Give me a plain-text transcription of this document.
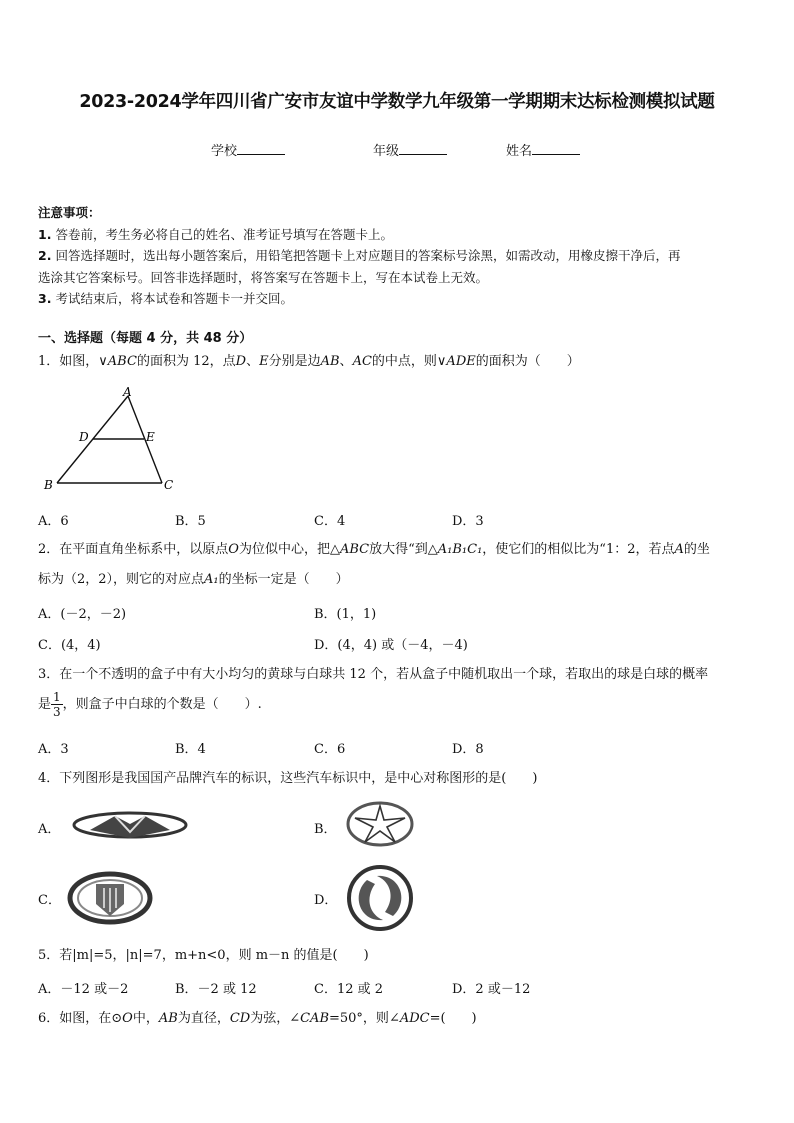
2023-2024学年四川省广安市友谊中学数学九年级第一学期期末达标检测模拟试题
学校	年级	姓名
注意事项：
1. 答卷前，考生务必将自己的姓名、准考证号填写在答题卡上。
2. 回答选择题时，选出每小题答案后，用铅笔把答题卡上对应题目的答案标号涂黑，如需改动，用橡皮擦干净后，再
选涂其它答案标号。回答非选择题时，将答案写在答题卡上，写在本试卷上无效。
3. 考试结束后，将本试卷和答题卡一并交回。
一、选择题（每题 4 分，共 48 分）
1．如图，∨ABC的面积为 12，点D、E分别是边AB、AC的中点，则∨ADE的面积为（　　）
A
D	E
B	C
A．6	B．5	C．4	D．3
2．在平面直角坐标系中，以原点O为位似中心，把△ABC放大得“到△A₁B₁C₁，使它们的相似比为“1：2，若点A的坐
标为（2，2），则它的对应点A₁的坐标一定是（　　）
A．(－2，－2)	B．(1，1)
C．(4，4)	D．(4，4) 或（－4，－4)
3．在一个不透明的盒子中有大小均匀的黄球与白球共 12 个，若从盒子中随机取出一个球，若取出的球是白球的概率
是 $\frac{1}{3}$ ，则盒子中白球的个数是（　　）.
A．3	B．4	C．6	D．8
4．下列图形是我国国产品牌汽车的标识，这些汽车标识中，是中心对称图形的是(　　)
A．	B．
C．	D．
5．若|m|=5，|n|=7，m+n<0，则 m－n 的值是(　　)
A．－12 或－2	B．－2 或 12	C．12 或 2	D．2 或－12
6．如图，在⊙O中，AB为直径，CD为弦，∠CAB=50°，则∠ADC=(　　)
